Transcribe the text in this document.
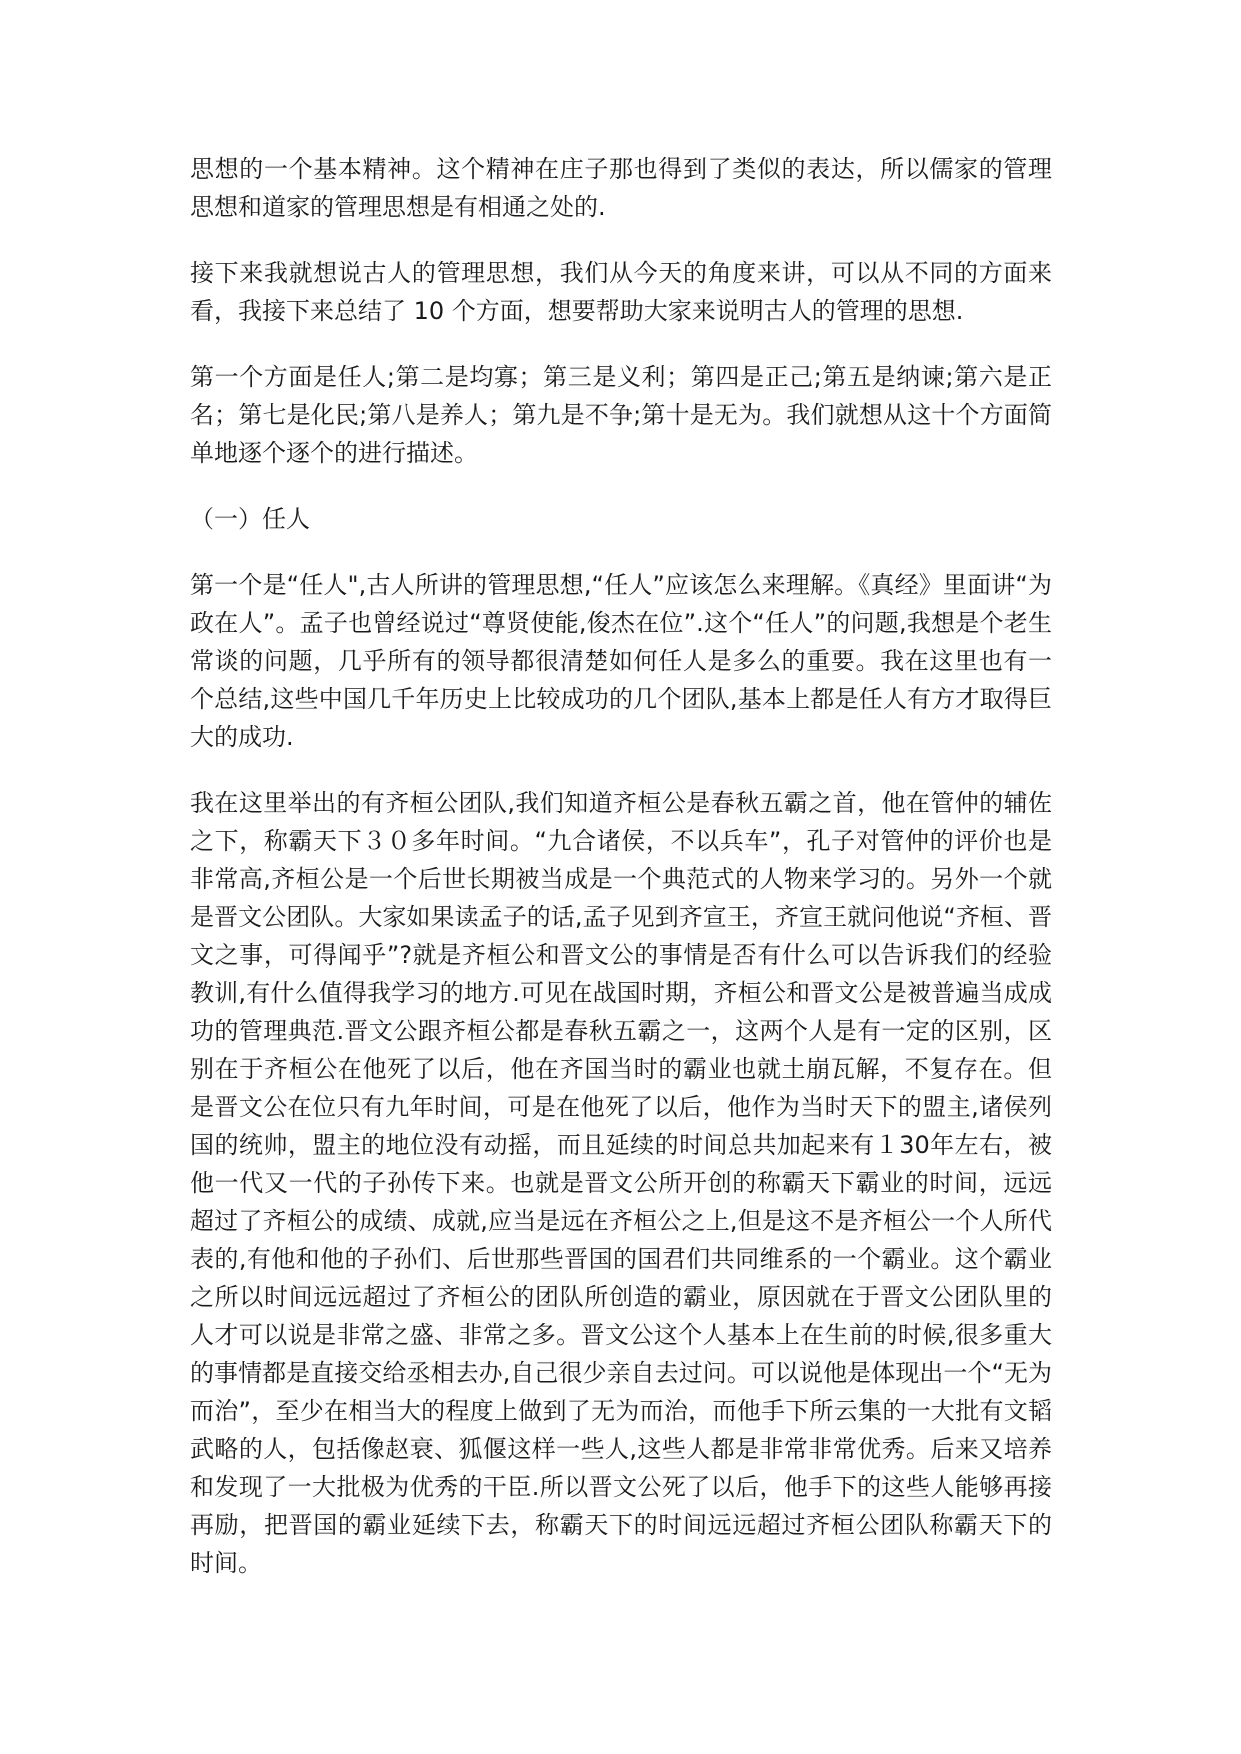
思想的一个基本精神。这个精神在庄子那也得到了类似的表达，所以儒家的管理思想和道家的管理思想是有相通之处的.

接下来我就想说古人的管理思想，我们从今天的角度来讲，可以从不同的方面来看，我接下来总结了 10 个方面，想要帮助大家来说明古人的管理的思想.

第一个方面是任人;第二是均寡；第三是义利；第四是正己;第五是纳谏;第六是正名；第七是化民;第八是养人；第九是不争;第十是无为。我们就想从这十个方面简单地逐个逐个的进行描述。

（一）任人

第一个是“任人",古人所讲的管理思想,“任人”应该怎么来理解。《真经》里面讲“为政在人”。孟子也曾经说过“尊贤使能,俊杰在位”.这个“任人”的问题,我想是个老生常谈的问题，几乎所有的领导都很清楚如何任人是多么的重要。我在这里也有一个总结,这些中国几千年历史上比较成功的几个团队,基本上都是任人有方才取得巨大的成功.

我在这里举出的有齐桓公团队,我们知道齐桓公是春秋五霸之首，他在管仲的辅佐之下，称霸天下３０多年时间。“九合诸侯，不以兵车”，孔子对管仲的评价也是非常高,齐桓公是一个后世长期被当成是一个典范式的人物来学习的。另外一个就是晋文公团队。大家如果读孟子的话,孟子见到齐宣王，齐宣王就问他说“齐桓、晋文之事，可得闻乎”?就是齐桓公和晋文公的事情是否有什么可以告诉我们的经验教训,有什么值得我学习的地方.可见在战国时期，齐桓公和晋文公是被普遍当成成功的管理典范.晋文公跟齐桓公都是春秋五霸之一，这两个人是有一定的区别，区别在于齐桓公在他死了以后，他在齐国当时的霸业也就土崩瓦解，不复存在。但是晋文公在位只有九年时间，可是在他死了以后，他作为当时天下的盟主,诸侯列国的统帅，盟主的地位没有动摇，而且延续的时间总共加起来有１30年左右，被他一代又一代的子孙传下来。也就是晋文公所开创的称霸天下霸业的时间，远远超过了齐桓公的成绩、成就,应当是远在齐桓公之上,但是这不是齐桓公一个人所代表的,有他和他的子孙们、后世那些晋国的国君们共同维系的一个霸业。这个霸业之所以时间远远超过了齐桓公的团队所创造的霸业，原因就在于晋文公团队里的人才可以说是非常之盛、非常之多。晋文公这个人基本上在生前的时候,很多重大的事情都是直接交给丞相去办,自己很少亲自去过问。可以说他是体现出一个“无为而治”，至少在相当大的程度上做到了无为而治，而他手下所云集的一大批有文韬武略的人，包括像赵衰、狐偃这样一些人,这些人都是非常非常优秀。后来又培养和发现了一大批极为优秀的干臣.所以晋文公死了以后，他手下的这些人能够再接再励，把晋国的霸业延续下去，称霸天下的时间远远超过齐桓公团队称霸天下的时间。
